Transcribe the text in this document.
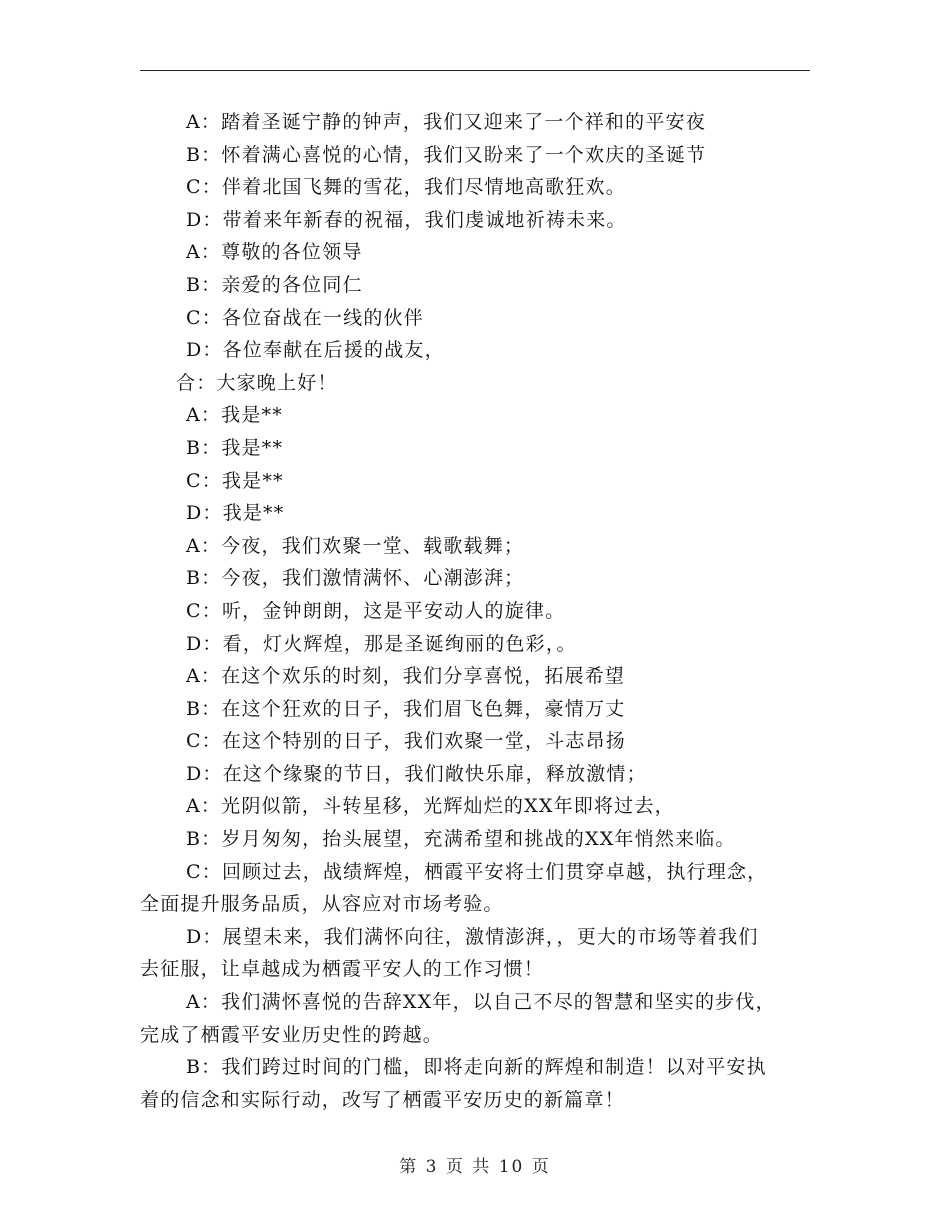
A：踏着圣诞宁静的钟声，我们又迎来了一个祥和的平安夜
B：怀着满心喜悦的心情，我们又盼来了一个欢庆的圣诞节
C：伴着北国飞舞的雪花，我们尽情地高歌狂欢。
D：带着来年新春的祝福，我们虔诚地祈祷未来。
A：尊敬的各位领导
B：亲爱的各位同仁
C：各位奋战在一线的伙伴
D：各位奉献在后援的战友，
合：大家晚上好！
A：我是**
B：我是**
C：我是**
D：我是**
A：今夜，我们欢聚一堂、载歌载舞；
B：今夜，我们激情满怀、心潮澎湃；
C：听，金钟朗朗，这是平安动人的旋律。
D：看，灯火辉煌，那是圣诞绚丽的色彩，。
A：在这个欢乐的时刻，我们分享喜悦，拓展希望
B：在这个狂欢的日子，我们眉飞色舞，豪情万丈
C：在这个特别的日子，我们欢聚一堂，斗志昂扬
D：在这个缘聚的节日，我们敞快乐扉，释放激情；
A：光阴似箭，斗转星移，光辉灿烂的XX年即将过去，
B：岁月匆匆，抬头展望，充满希望和挑战的XX年悄然来临。
C：回顾过去，战绩辉煌，栖霞平安将士们贯穿卓越，执行理念，
全面提升服务品质，从容应对市场考验。
D：展望未来，我们满怀向往，激情澎湃，，更大的市场等着我们
去征服，让卓越成为栖霞平安人的工作习惯！
A：我们满怀喜悦的告辞XX年，以自己不尽的智慧和坚实的步伐，
完成了栖霞平安业历史性的跨越。
B：我们跨过时间的门槛，即将走向新的辉煌和制造！以对平安执
着的信念和实际行动，改写了栖霞平安历史的新篇章！
第 3 页 共 10 页
